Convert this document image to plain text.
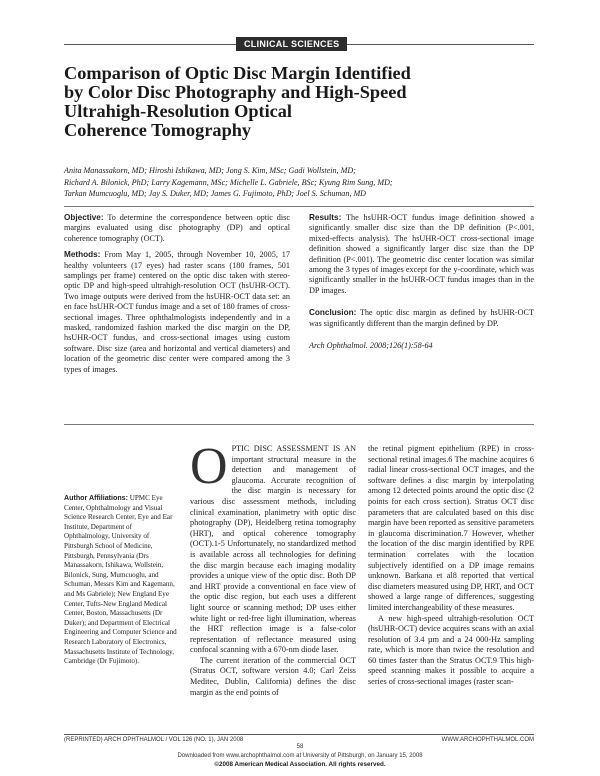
CLINICAL SCIENCES
Comparison of Optic Disc Margin Identified
by Color Disc Photography and High-Speed
Ultrahigh-Resolution Optical
Coherence Tomography
Anita Manassakorn, MD; Hiroshi Ishikawa, MD; Jong S. Kim, MSc; Gadi Wollstein, MD;
Richard A. Bilonick, PhD; Larry Kagemann, MSc; Michelle L. Gabriele, BSc; Kyung Rim Sung, MD;
Tarkan Mumcuoglu, MD; Jay S. Duker, MD; James G. Fujimoto, PhD; Joel S. Schuman, MD

Objective: To determine the correspondence between optic disc margins evaluated using disc photography (DP) and optical coherence tomography (OCT).

Methods: From May 1, 2005, through November 10, 2005, 17 healthy volunteers (17 eyes) had raster scans (180 frames, 501 samplings per frame) centered on the optic disc taken with stereo-optic DP and high-speed ultrahigh-resolution OCT (hsUHR-OCT). Two image outputs were derived from the hsUHR-OCT data set: an en face hsUHR-OCT fundus image and a set of 180 frames of cross-sectional images. Three ophthalmologists independently and in a masked, randomized fashion marked the disc margin on the DP, hsUHR-OCT fundus, and cross-sectional images using custom software. Disc size (area and horizontal and vertical diameters) and location of the geometric disc center were compared among the 3 types of images.

Results: The hsUHR-OCT fundus image definition showed a significantly smaller disc size than the DP definition (P<.001, mixed-effects analysis). The hsUHR-OCT cross-sectional image definition showed a significantly larger disc size than the DP definition (P<.001). The geometric disc center location was similar among the 3 types of images except for the y-coordinate, which was significantly smaller in the hsUHR-OCT fundus images than in the DP images.

Conclusion: The optic disc margin as defined by hsUHR-OCT was significantly different than the margin defined by DP.

Arch Ophthalmol. 2008;126(1):58-64

Author Affiliations: UPMC Eye Center, Ophthalmology and Visual Science Research Center, Eye and Ear Institute, Department of Ophthalmology, University of Pittsburgh School of Medicine, Pittsburgh, Pennsylvania (Drs Manassakorn, Ishikawa, Wollstein, Bilonick, Sung, Mumcuoglu, and Schuman, Messrs Kim and Kagemann, and Ms Gabriele); New England Eye Center, Tufts-New England Medical Center, Boston, Massachusetts (Dr Duker); and Department of Electrical Engineering and Computer Science and Research Laboratory of Electronics, Massachusetts Institute of Technology, Cambridge (Dr Fujimoto).

OPTIC DISC ASSESSMENT IS AN important structural measure in the detection and management of glaucoma. Accurate recognition of the disc margin is necessary for various disc assessment methods, including clinical examination, planimetry with optic disc photography (DP), Heidelberg retina tomography (HRT), and optical coherence tomography (OCT).1-5 Unfortunately, no standardized method is available across all technologies for defining the disc margin because each imaging modality provides a unique view of the optic disc. Both DP and HRT provide a conventional en face view of the optic disc region, but each uses a different light source or scanning method; DP uses either white light or red-free light illumination, whereas the HRT reflection image is a false-color representation of reflectance measured using confocal scanning with a 670-nm diode laser.

The current iteration of the commercial OCT (Stratus OCT, software version 4.0; Carl Zeiss Meditec, Dublin, California) defines the disc margin as the end points of

the retinal pigment epithelium (RPE) in cross-sectional retinal images.6 The machine acquires 6 radial linear cross-sectional OCT images, and the software defines a disc margin by interpolating among 12 detected points around the optic disc (2 points for each cross section). Stratus OCT disc parameters that are calculated based on this disc margin have been reported as sensitive parameters in glaucoma discrimination.7 However, whether the location of the disc margin identified by RPE termination correlates with the location subjectively identified on a DP image remains unknown. Barkana et al8 reported that vertical disc diameters measured using DP, HRT, and OCT showed a large range of differences, suggesting limited interchangeability of these measures.

A new high-speed ultrahigh-resolution OCT (hsUHR-OCT) device acquires scans with an axial resolution of 3.4 µm and a 24 000-Hz sampling rate, which is more than twice the resolution and 60 times faster than the Stratus OCT.9 This high-speed scanning makes it possible to acquire a series of cross-sectional images (raster scan-

(REPRINTED) ARCH OPHTHALMOL / VOL 126 (NO. 1), JAN 2008	WWW.ARCHOPHTHALMOL.COM
58
Downloaded from www.archophthalmol.com at University of Pittsburgh, on January 15, 2008
©2008 American Medical Association. All rights reserved.
